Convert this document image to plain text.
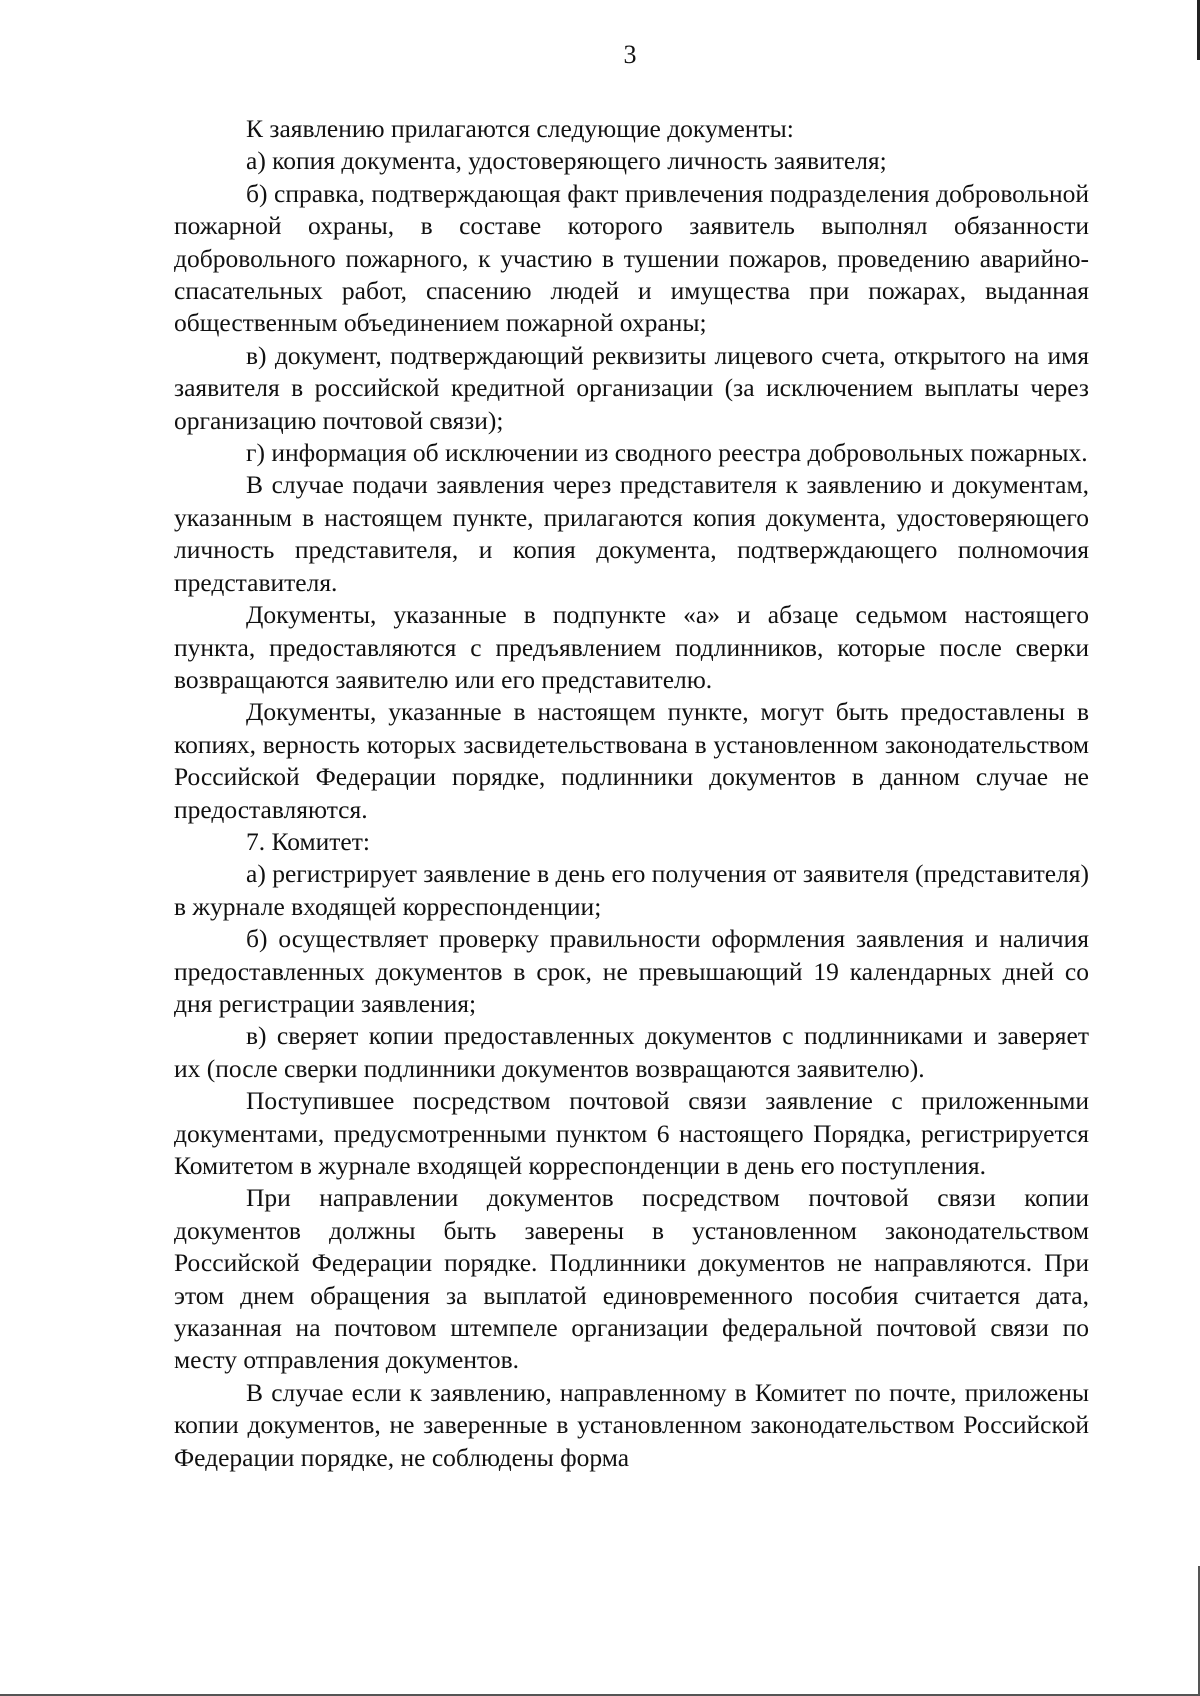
3

К заявлению прилагаются следующие документы:

а) копия документа, удостоверяющего личность заявителя;

б) справка, подтверждающая факт привлечения подразделения добровольной пожарной охраны, в составе которого заявитель выполнял обязанности добровольного пожарного, к участию в тушении пожаров, проведению аварийно-спасательных работ, спасению людей и имущества при пожарах, выданная общественным объединением пожарной охраны;

в) документ, подтверждающий реквизиты лицевого счета, открытого на имя заявителя в российской кредитной организации (за исключением выплаты через организацию почтовой связи);

г) информация об исключении из сводного реестра добровольных пожарных.

В случае подачи заявления через представителя к заявлению и документам, указанным в настоящем пункте, прилагаются копия документа, удостоверяющего личность представителя, и копия документа, подтверждающего полномочия представителя.

Документы, указанные в подпункте «а» и абзаце седьмом настоящего пункта, предоставляются с предъявлением подлинников, которые после сверки возвращаются заявителю или его представителю.

Документы, указанные в настоящем пункте, могут быть предоставлены в копиях, верность которых засвидетельствована в установленном законодательством Российской Федерации порядке, подлинники документов в данном случае не предоставляются.

7. Комитет:

а) регистрирует заявление в день его получения от заявителя (представителя) в журнале входящей корреспонденции;

б) осуществляет проверку правильности оформления заявления и наличия предоставленных документов в срок, не превышающий 19 календарных дней со дня регистрации заявления;

в) сверяет копии предоставленных документов с подлинниками и заверяет их (после сверки подлинники документов возвращаются заявителю).

Поступившее посредством почтовой связи заявление с приложенными документами, предусмотренными пунктом 6 настоящего Порядка, регистрируется Комитетом в журнале входящей корреспонденции в день его поступления.

При направлении документов посредством почтовой связи копии документов должны быть заверены в установленном законодательством Российской Федерации порядке. Подлинники документов не направляются. При этом днем обращения за выплатой единовременного пособия считается дата, указанная на почтовом штемпеле организации федеральной почтовой связи по месту отправления документов.

В случае если к заявлению, направленному в Комитет по почте, приложены копии документов, не заверенные в установленном законодательством Российской Федерации порядке, не соблюдены форма
